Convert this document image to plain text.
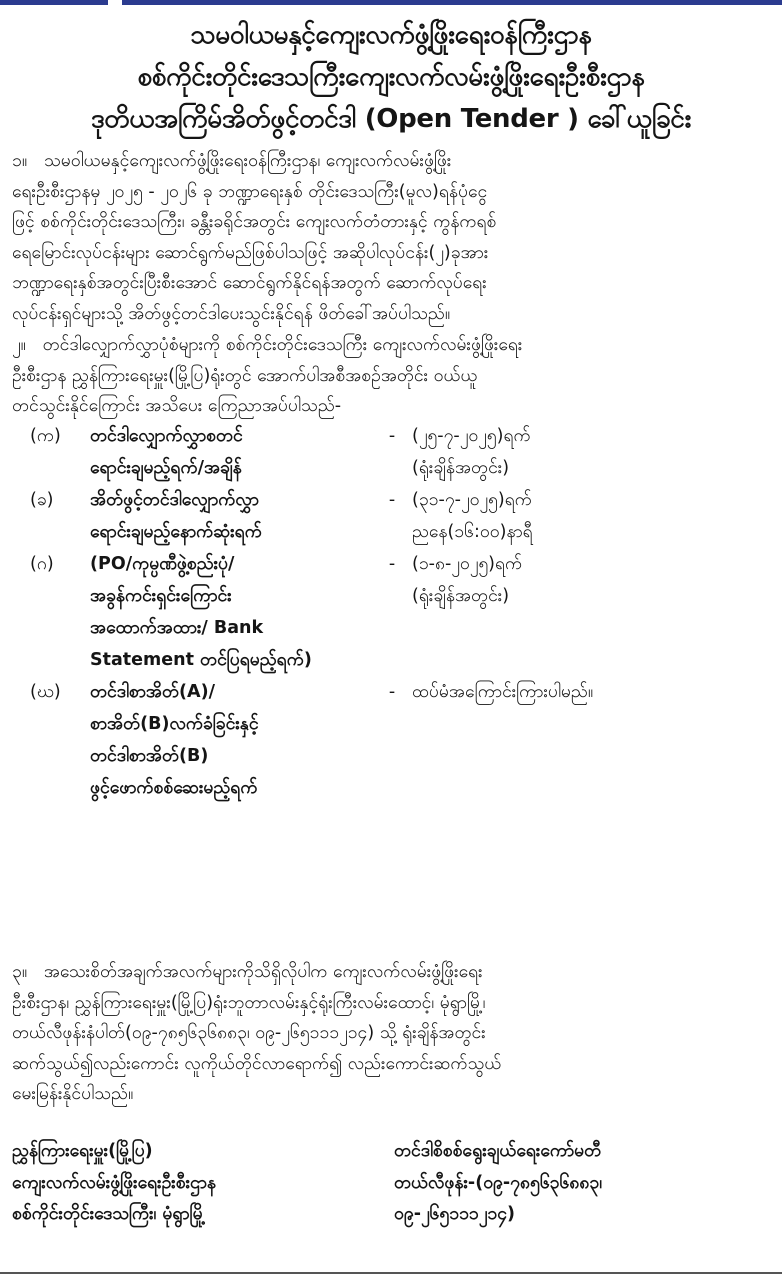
သမဝါယမနှင့်ကျေးလက်ဖွံ့ဖြိုးရေးဝန်ကြီးဌာန
စစ်ကိုင်းတိုင်းဒေသကြီးကျေးလက်လမ်းဖွံ့ဖြိုးရေးဦးစီးဌာန
ဒုတိယအကြိမ်အိတ်ဖွင့်တင်ဒါ (Open Tender ) ခေါ်ယူခြင်း

၁။ သမဝါယမနှင့်ကျေးလက်ဖွံ့ဖြိုးရေးဝန်ကြီးဌာန၊ ကျေးလက်လမ်းဖွံ့ဖြိုး

ရေးဦးစီးဌာနမှ ၂၀၂၅ - ၂၀၂၆ ခု ဘဏ္ဍာရေးနှစ် တိုင်းဒေသကြီး(မူလ)ရန်ပုံငွေ

ဖြင့် စစ်ကိုင်းတိုင်းဒေသကြီး၊ ခန္တီးခရိုင်အတွင်း ကျေးလက်တံတားနှင့် ကွန်ကရစ်

ရေမြောင်းလုပ်ငန်းများ ဆောင်ရွက်မည်ဖြစ်ပါသဖြင့် အဆိုပါလုပ်ငန်း(၂)ခုအား

ဘဏ္ဍာရေးနှစ်အတွင်းပြီးစီးအောင် ဆောင်ရွက်နိုင်ရန်အတွက် ဆောက်လုပ်ရေး

လုပ်ငန်းရှင်များသို့ အိတ်ဖွင့်တင်ဒါပေးသွင်းနိုင်ရန် ဖိတ်ခေါ်အပ်ပါသည်။

၂။ တင်ဒါလျှောက်လွှာပုံစံများကို စစ်ကိုင်းတိုင်းဒေသကြီး ကျေးလက်လမ်းဖွံ့ဖြိုးရေး

ဦးစီးဌာန ညွှန်ကြားရေးမှူး(မြို့ပြ)ရုံးတွင် အောက်ပါအစီအစဉ်အတိုင်း ဝယ်ယူ

တင်သွင်းနိုင်ကြောင်း အသိပေး ကြေညာအပ်ပါသည်-

(က)	တင်ဒါလျှောက်လွှာစတင်
ရောင်းချမည့်ရက်/အချိန်
- (၂၅-၇-၂၀၂၅)ရက်
(ရုံးချိန်အတွင်း)
(ခ)	အိတ်ဖွင့်တင်ဒါလျှောက်လွှာ
ရောင်းချမည့်နောက်ဆုံးရက်
- (၃၁-၇-၂၀၂၅)ရက်
ညနေ(၁၆:၀၀)နာရီ
(ဂ)	(PO/ကုမ္ပဏီဖွဲ့စည်းပုံ/
အခွန်ကင်းရှင်းကြောင်း
အထောက်အထား/ Bank
Statement တင်ပြရမည့်ရက်)
- (၁-၈-၂၀၂၅)ရက်
(ရုံးချိန်အတွင်း)
(ဃ)	တင်ဒါစာအိတ်(A)/
စာအိတ်(B)လက်ခံခြင်းနှင့်
တင်ဒါစာအိတ်(B)
ဖွင့်ဖောက်စစ်ဆေးမည့်ရက်
- ထပ်မံအကြောင်းကြားပါမည်။

၃။ အသေးစိတ်အချက်အလက်များကိုသိရှိလိုပါက ကျေးလက်လမ်းဖွံ့ဖြိုးရေး

ဦးစီးဌာန၊ ညွှန်ကြားရေးမှူး(မြို့ပြ)ရုံးဘူတာလမ်းနှင့်ရုံးကြီးလမ်းထောင့်၊ မုံရွာမြို့၊

တယ်လီဖုန်းနံပါတ်(၀၉-၇၈၅၆၃၆၈၈၃၊ ၀၉-၂၆၅၁၁၁၂၁၄) သို့ ရုံးချိန်အတွင်း

ဆက်သွယ်၍လည်းကောင်း လူကိုယ်တိုင်လာရောက်၍ လည်းကောင်းဆက်သွယ်

မေးမြန်းနိုင်ပါသည်။

ညွှန်ကြားရေးမှူး(မြို့ပြ)
ကျေးလက်လမ်းဖွံ့ဖြိုးရေးဦးစီးဌာန
စစ်ကိုင်းတိုင်းဒေသကြီး၊ မုံရွာမြို့
တင်ဒါစိစစ်ရွေးချယ်ရေးကော်မတီ
တယ်လီဖုန်း-(၀၉-၇၈၅၆၃၆၈၈၃၊
၀၉-၂၆၅၁၁၁၂၁၄)
